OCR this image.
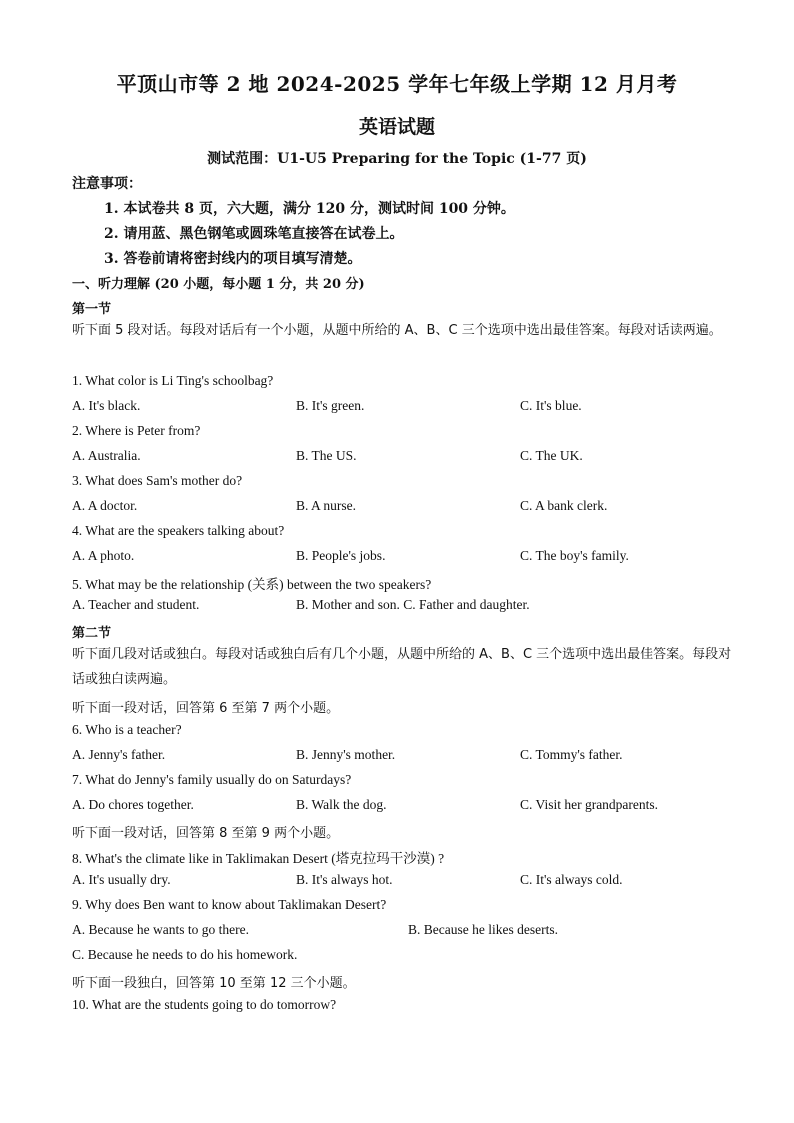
平顶山市等 2 地 2024-2025 学年七年级上学期 12 月月考
英语试题
测试范围：U1-U5 Preparing for the Topic (1-77 页)
注意事项：
1. 本试卷共 8 页，六大题，满分 120 分，测试时间 100 分钟。
2. 请用蓝、黑色钢笔或圆珠笔直接答在试卷上。
3. 答卷前请将密封线内的项目填写清楚。
一、听力理解 (20 小题，每小题 1 分，共 20 分)
第一节
听下面 5 段对话。每段对话后有一个小题，从题中所给的 A、B、C 三个选项中选出最佳答案。每段对话读两遍。
1. What color is Li Ting's schoolbag?
A. It's black.	B. It's green.	C. It's blue.
2. Where is Peter from?
A. Australia.	B. The US.	C. The UK.
3. What does Sam's mother do?
A. A doctor.	B. A nurse.	C. A bank clerk.
4. What are the speakers talking about?
A. A photo.	B. People's jobs.	C. The boy's family.
5. What may be the relationship (关系) between the two speakers?
A. Teacher and student.	B. Mother and son. C. Father and daughter.
第二节
听下面几段对话或独白。每段对话或独白后有几个小题，从题中所给的 A、B、C 三个选项中选出最佳答案。每段对话或独白读两遍。
听下面一段对话，回答第 6 至第 7 两个小题。
6. Who is a teacher?
A. Jenny's father.	B. Jenny's mother.	C. Tommy's father.
7. What do Jenny's family usually do on Saturdays?
A. Do chores together.	B. Walk the dog.	C. Visit her grandparents.
听下面一段对话，回答第 8 至第 9 两个小题。
8. What's the climate like in Taklimakan Desert (塔克拉玛干沙漠) ?
A. It's usually dry.	B. It's always hot.	C. It's always cold.
9. Why does Ben want to know about Taklimakan Desert?
A. Because he wants to go there.	B. Because he likes deserts.
C. Because he needs to do his homework.
听下面一段独白，回答第 10 至第 12 三个小题。
10. What are the students going to do tomorrow?
